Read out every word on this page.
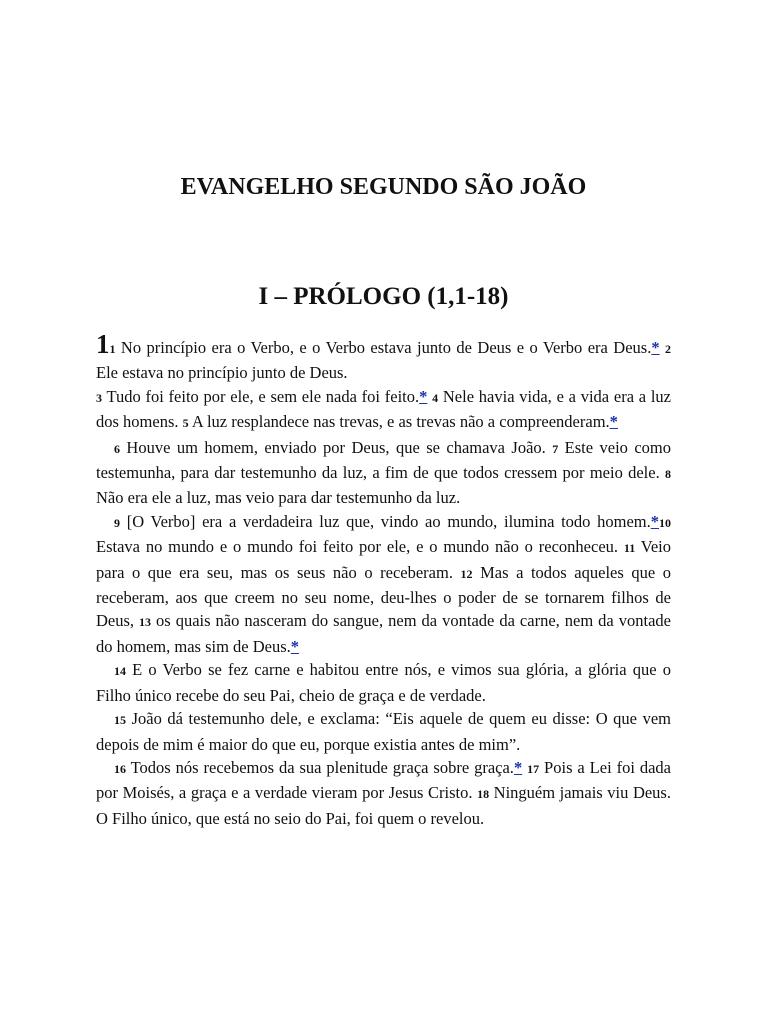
EVANGELHO SEGUNDO SÃO JOÃO
I – PRÓLOGO (1,1-18)

11 No princípio era o Verbo, e o Verbo estava junto de Deus e o Verbo era Deus.* 2 Ele estava no princípio junto de Deus.

3 Tudo foi feito por ele, e sem ele nada foi feito.* 4 Nele havia vida, e a vida era a luz dos homens. 5 A luz resplandece nas trevas, e as trevas não a compreenderam.*

6 Houve um homem, enviado por Deus, que se chamava João. 7 Este veio como testemunha, para dar testemunho da luz, a fim de que todos cressem por meio dele. 8 Não era ele a luz, mas veio para dar testemunho da luz.

9 [O Verbo] era a verdadeira luz que, vindo ao mundo, ilumina todo homem.*10 Estava no mundo e o mundo foi feito por ele, e o mundo não o reconheceu. 11 Veio para o que era seu, mas os seus não o receberam. 12 Mas a todos aqueles que o receberam, aos que creem no seu nome, deu-lhes o poder de se tornarem filhos de Deus, 13 os quais não nasceram do sangue, nem da vontade da carne, nem da vontade do homem, mas sim de Deus.*

14 E o Verbo se fez carne e habitou entre nós, e vimos sua glória, a glória que o Filho único recebe do seu Pai, cheio de graça e de verdade.

15 João dá testemunho dele, e exclama: “Eis aquele de quem eu disse: O que vem depois de mim é maior do que eu, porque existia antes de mim”.

16 Todos nós recebemos da sua plenitude graça sobre graça.* 17 Pois a Lei foi dada por Moisés, a graça e a verdade vieram por Jesus Cristo. 18 Ninguém jamais viu Deus. O Filho único, que está no seio do Pai, foi quem o revelou.
